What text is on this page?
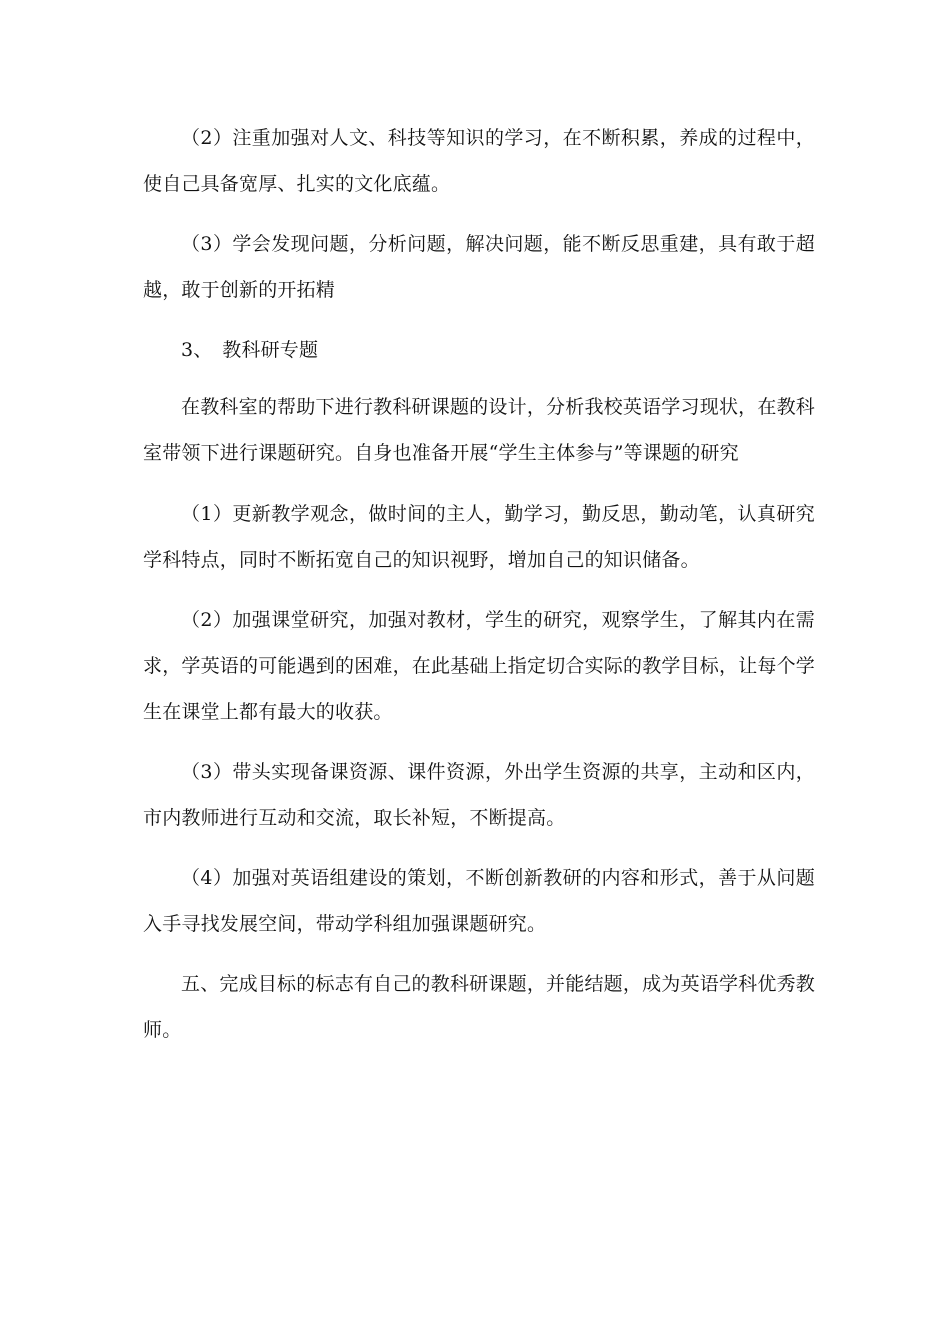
（2）注重加强对人文、科技等知识的学习，在不断积累，养成的过程中，使自己具备宽厚、扎实的文化底蕴。

（3）学会发现问题，分析问题，解决问题，能不断反思重建，具有敢于超越，敢于创新的开拓精

3、　教科研专题

在教科室的帮助下进行教科研课题的设计，分析我校英语学习现状，在教科室带领下进行课题研究。自身也准备开展“学生主体参与”等课题的研究

（1）更新教学观念，做时间的主人，勤学习，勤反思，勤动笔，认真研究学科特点，同时不断拓宽自己的知识视野，增加自己的知识储备。

（2）加强课堂研究，加强对教材，学生的研究，观察学生，了解其内在需求，学英语的可能遇到的困难，在此基础上指定切合实际的教学目标，让每个学生在课堂上都有最大的收获。

（3）带头实现备课资源、课件资源，外出学生资源的共享，主动和区内，市内教师进行互动和交流，取长补短，不断提高。

（4）加强对英语组建设的策划，不断创新教研的内容和形式，善于从问题入手寻找发展空间，带动学科组加强课题研究。

五、完成目标的标志有自己的教科研课题，并能结题，成为英语学科优秀教师。
